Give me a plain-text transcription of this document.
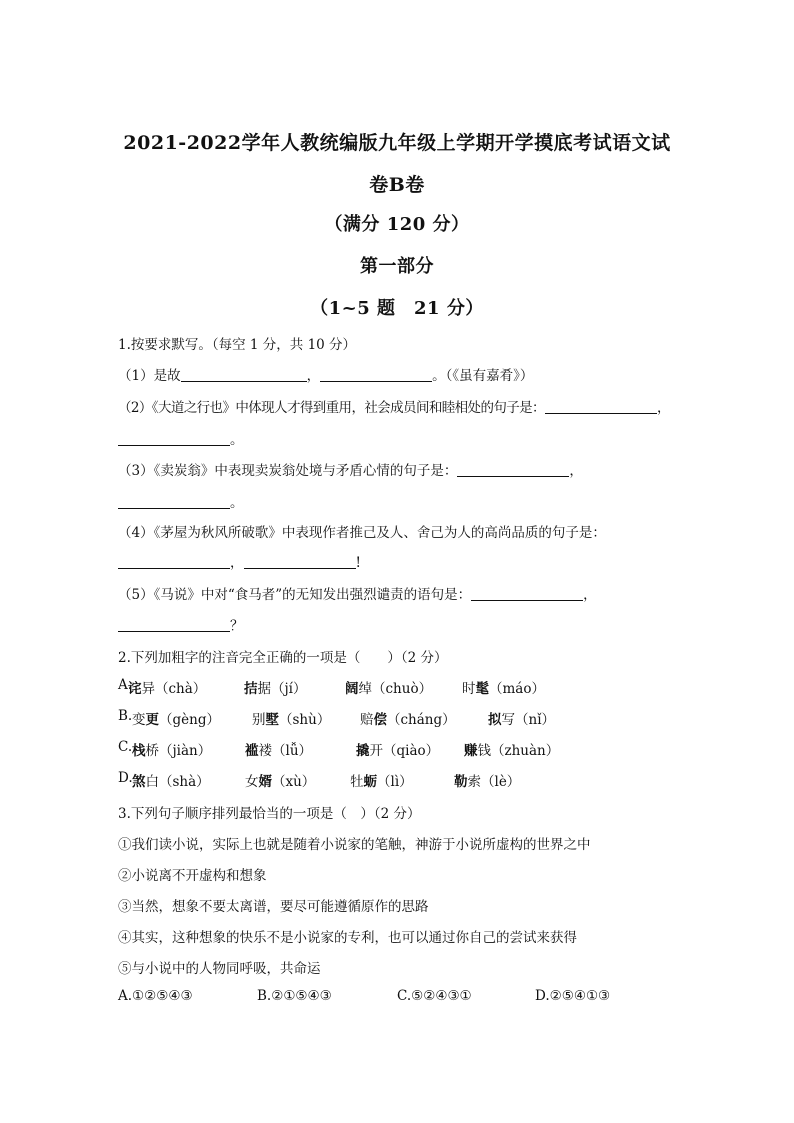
2021-2022学年人教统编版九年级上学期开学摸底考试语文试
卷B卷
（满分 120 分）
第一部分
（1~5 题　21 分）
1.按要求默写。（每空 1 分，共 10 分）
（1）是故	，	。（《虽有嘉肴》）
（2）《大道之行也》中体现人才得到重用，社会成员间和睦相处的句子是：	，
。
（3）《卖炭翁》中表现卖炭翁处境与矛盾心情的句子是：	，
。
（4）《茅屋为秋风所破歌》中表现作者推己及人、舍己为人的高尚品质的句子是：
，	!
（5）《马说》中对“食马者”的无知发出强烈谴责的语句是：	，
？
2.下列加粗字的注音完全正确的一项是（　　）（2 分）
A.
诧异（chà）	拮据（jí）	阔绰（chuò） 时髦（máo）
B. 变更（gèng） 别墅（shù） 赔偿（cháng） 拟写（nǐ）
C. 栈桥（jiàn）	褴褛（lǚ）	撬开（qiào） 赚钱（zhuàn）
D. 煞白（shà）	女婿（xù）	牡蛎（lì）	勒索（lè）
3.下列句子顺序排列最恰当的一项是（　）（2 分）
①我们读小说，实际上也就是随着小说家的笔触，神游于小说所虚构的世界之中
②小说离不开虚构和想象
③当然，想象不要太离谱，要尽可能遵循原作的思路
④其实，这种想象的快乐不是小说家的专利，也可以通过你自己的尝试来获得
⑤与小说中的人物同呼吸，共命运
A.①②⑤④③	B.②①⑤④③	C.⑤②④③①	D.②⑤④①③
